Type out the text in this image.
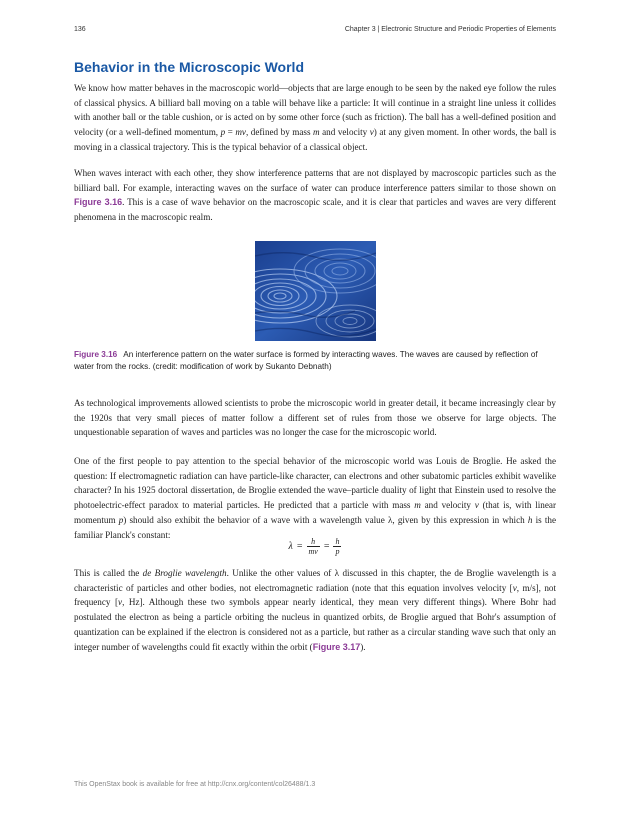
136	Chapter 3 | Electronic Structure and Periodic Properties of Elements
Behavior in the Microscopic World

We know how matter behaves in the macroscopic world—objects that are large enough to be seen by the naked eye follow the rules of classical physics. A billiard ball moving on a table will behave like a particle: It will continue in a straight line unless it collides with another ball or the table cushion, or is acted on by some other force (such as friction). The ball has a well-defined position and velocity (or a well-defined momentum, p = mv, defined by mass m and velocity v) at any given moment. In other words, the ball is moving in a classical trajectory. This is the typical behavior of a classical object.

When waves interact with each other, they show interference patterns that are not displayed by macroscopic particles such as the billiard ball. For example, interacting waves on the surface of water can produce interference patters similar to those shown on Figure 3.16. This is a case of wave behavior on the macroscopic scale, and it is clear that particles and waves are very different phenomena in the macroscopic realm.

Figure 3.16 An interference pattern on the water surface is formed by interacting waves. The waves are caused by reflection of water from the rocks. (credit: modification of work by Sukanto Debnath)

As technological improvements allowed scientists to probe the microscopic world in greater detail, it became increasingly clear by the 1920s that very small pieces of matter follow a different set of rules from those we observe for large objects. The unquestionable separation of waves and particles was no longer the case for the microscopic world.

One of the first people to pay attention to the special behavior of the microscopic world was Louis de Broglie. He asked the question: If electromagnetic radiation can have particle-like character, can electrons and other subatomic particles exhibit wavelike character? In his 1925 doctoral dissertation, de Broglie extended the wave–particle duality of light that Einstein used to resolve the photoelectric-effect paradox to material particles. He predicted that a particle with mass m and velocity v (that is, with linear momentum p) should also exhibit the behavior of a wave with a wavelength value λ, given by this expression in which h is the familiar Planck's constant:

$\lambda = \frac{h}{mv} = \frac{h}{p}$

This is called the de Broglie wavelength. Unlike the other values of λ discussed in this chapter, the de Broglie wavelength is a characteristic of particles and other bodies, not electromagnetic radiation (note that this equation involves velocity [v, m/s], not frequency [ν, Hz]. Although these two symbols appear nearly identical, they mean very different things). Where Bohr had postulated the electron as being a particle orbiting the nucleus in quantized orbits, de Broglie argued that Bohr's assumption of quantization can be explained if the electron is considered not as a particle, but rather as a circular standing wave such that only an integer number of wavelengths could fit exactly within the orbit (Figure 3.17).

This OpenStax book is available for free at http://cnx.org/content/col26488/1.3
